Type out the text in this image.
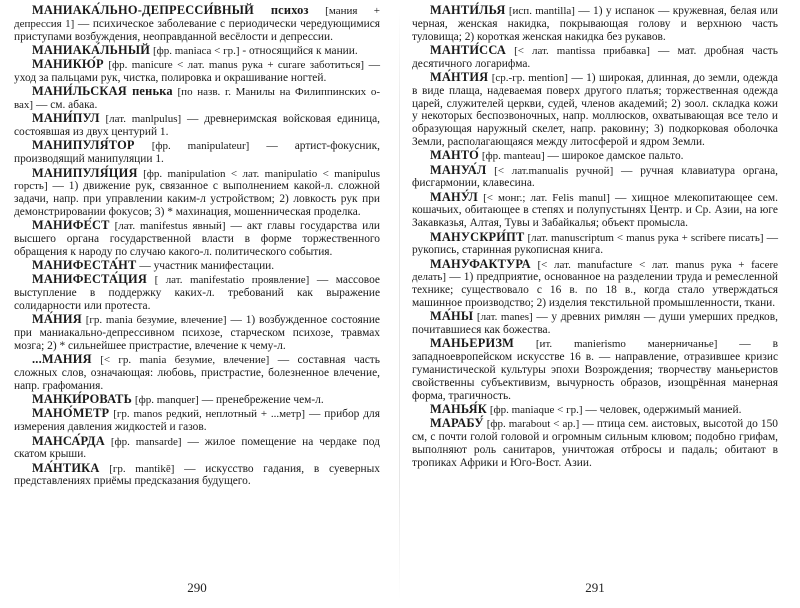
МАНИАКА́ЛЬНО-ДЕПРЕССИ́ВНЫЙ психоз [мания + депрессия 1] — психическое заболевание с периодически чередующимися приступами возбуждения, неоправданной весёлости и депрессии.

МАНИАКА́ЛЬНЫЙ [фр. maniaca < гр.] - относящийся к мании.

МАНИКЮ́Р [фр. manicure < лат. manus рука + curare заботиться] — уход за пальцами рук, чистка, полировка и окрашивание ногтей.

МАНИ́ЛЬСКАЯ пенька [по назв. г. Манилы на Филиппинских о-вах] — см. абака.

МАНИ́ПУЛ [лат. manlpulus] — древнеримская войсковая единица, состоявшая из двух центурий 1.

МАНИПУЛЯ́ТОР [фр. manipulateur] — артист-фокусник, производящий манипуляции 1.

МАНИПУЛЯ́ЦИЯ [фр. manipulation < лат. manipulatio < manipulus горсть] — 1) движение рук, связанное с выполнением какой-л. сложной задачи, напр. при управлении каким-л устройством; 2) ловкость рук при демонстрировании фокусов; 3) * махинация, мошенническая проделка.

МАНИФЕ́СТ [лат. manifestus явный] — акт главы государства или высшего органа государственной власти в форме торжественного обращения к народу по случаю какого-л. политического события.

МАНИФЕСТА́НТ — участник манифестации.

МАНИФЕСТА́ЦИЯ [ лат. manifestatio проявление] — массовое выступление в поддержку каких-л. требований как выражение солидарности или протеста.

МА́НИЯ [гр. mania безумие, влечение] — 1) возбужденное состояние при маниакально-депрессивном психозе, старческом психозе, травмах мозга; 2) * сильнейшее пристрастие, влечение к чему-л.

...МАНИЯ [< гр. mania безумие, влечение] — составная часть сложных слов, означающая: любовь, пристрастие, болезненное влечение, напр. графомания.

МАНКИ́РОВАТЬ [фр. manquer] — пренебрежение чем-л.

МАНО́МЕТР [гр. manos редкий, неплотный + ...метр] — прибор для измерения давления жидкостей и газов.

МАНСА́РДА [фр. mansarde] — жилое помещение на чердаке под скатом крыши.

МА́НТИКА [гр. mantikē] — искусство гадания, в суеверных представлениях приёмы предсказания будущего.

290

МАНТИ́ЛЬЯ [исп. mantilla] — 1) у испанок — кружевная, белая или черная, женская накидка, покрывающая голову и верхнюю часть туловища; 2) короткая женская накидка без рукавов.

МАНТИ́ССА [< лат. mantissa прибавка] — мат. дробная часть десятичного логарифма.

МА́НТИЯ [ср.-гр. mention] — 1) широкая, длинная, до земли, одежда в виде плаща, надеваемая поверх другого платья; торжественная одежда царей, служителей церкви, судей, членов академий; 2) зоол. складка кожи у некоторых беспозвоночных, напр. моллюсков, охватывающая все тело и образующая наружный скелет, напр. раковину; 3) подкорковая оболочка Земли, располагающаяся между литосферой и ядром Земли.

МАНТО́ [фр. manteau] — широкое дамское пальто.

МАНУА́Л [< лат.manualis ручной] — ручная клавиатура органа, фисгармонии, клавесина.

МАНУ́Л [< монг.; лат. Felis manul] — хищное млекопитающее сем. кошачьих, обитающее в степях и полупустынях Центр. и Ср. Азии, на юге Закавказья, Алтая, Тувы и Забайкалья; объект промысла.

МАНУСКРИ́ПТ [лат. manuscriptum < manus рука + scribere писать] — рукопись, старинная рукописная книга.

МАНУФАКТУРА [< лат. manufacture < лат. manus рука + facere делать] — 1) предприятие, основанное на разделении труда и ремесленной технике; существовало с 16 в. по 18 в., когда стало утверждаться машинное производство; 2) изделия текстильной промышленности, ткани.

МА́НЫ [лат. manes] — у древних римлян — души умерших предков, почитавшиеся как божества.

МАНЬЕРИЗМ [ит. manierismo манерничанье] — в западноевропейском искусстве 16 в. — направление, отразившее кризис гуманистической культуры эпохи Возрождения; творчеству маньеристов свойственны субъективизм, вычурность образов, изощрённая манерная форма, трагичность.

МАНЬЯ́К [фр. maniaque < гр.] — человек, одержимый манией.

МАРАБУ́ [фр. marabout < ар.] — птица сем. аистовых, высотой до 150 см, с почти голой головой и огромным сильным клювом; подобно грифам, выполняют роль санитаров, уничтожая отбросы и падаль; обитают в тропиках Африки и Юго-Вост. Азии.

291
